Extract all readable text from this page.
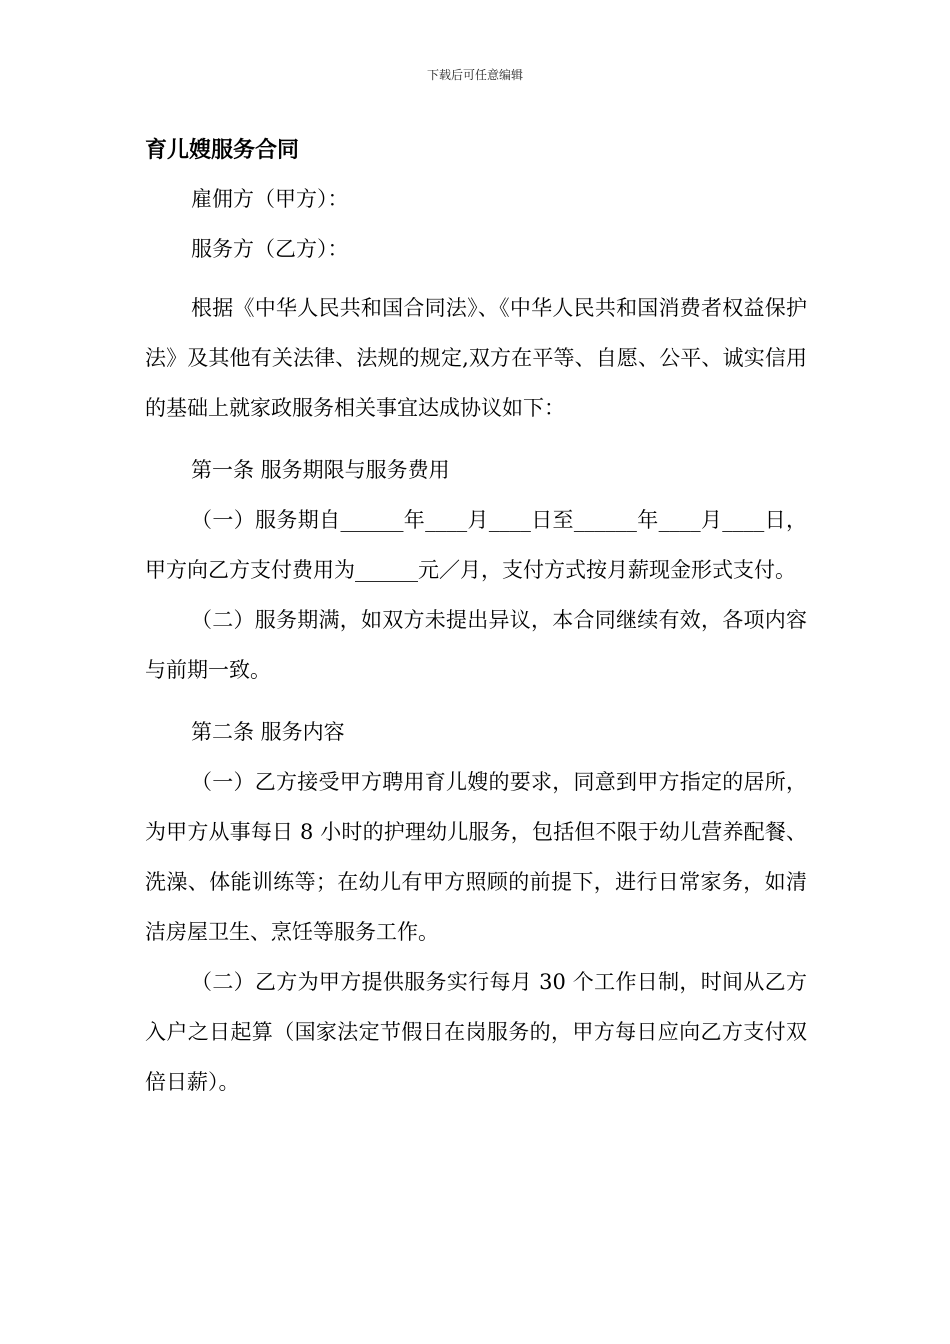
下载后可任意编辑
育儿嫂服务合同

雇佣方（甲方）：

服务方（乙方）：

根据《中华人民共和国合同法》、《中华人民共和国消费者权益保护法》及其他有关法律、法规的规定,双方在平等、自愿、公平、诚实信用的基础上就家政服务相关事宜达成协议如下：

第一条 服务期限与服务费用

（一）服务期自______年____月____日至______年____月____日，甲方向乙方支付费用为______元／月，支付方式按月薪现金形式支付。

（二）服务期满，如双方未提出异议，本合同继续有效，各项内容与前期一致。

第二条 服务内容

（一）乙方接受甲方聘用育儿嫂的要求，同意到甲方指定的居所，为甲方从事每日 8 小时的护理幼儿服务，包括但不限于幼儿营养配餐、洗澡、体能训练等；在幼儿有甲方照顾的前提下，进行日常家务，如清洁房屋卫生、烹饪等服务工作。

（二）乙方为甲方提供服务实行每月 30 个工作日制，时间从乙方入户之日起算（国家法定节假日在岗服务的，甲方每日应向乙方支付双倍日薪）。
